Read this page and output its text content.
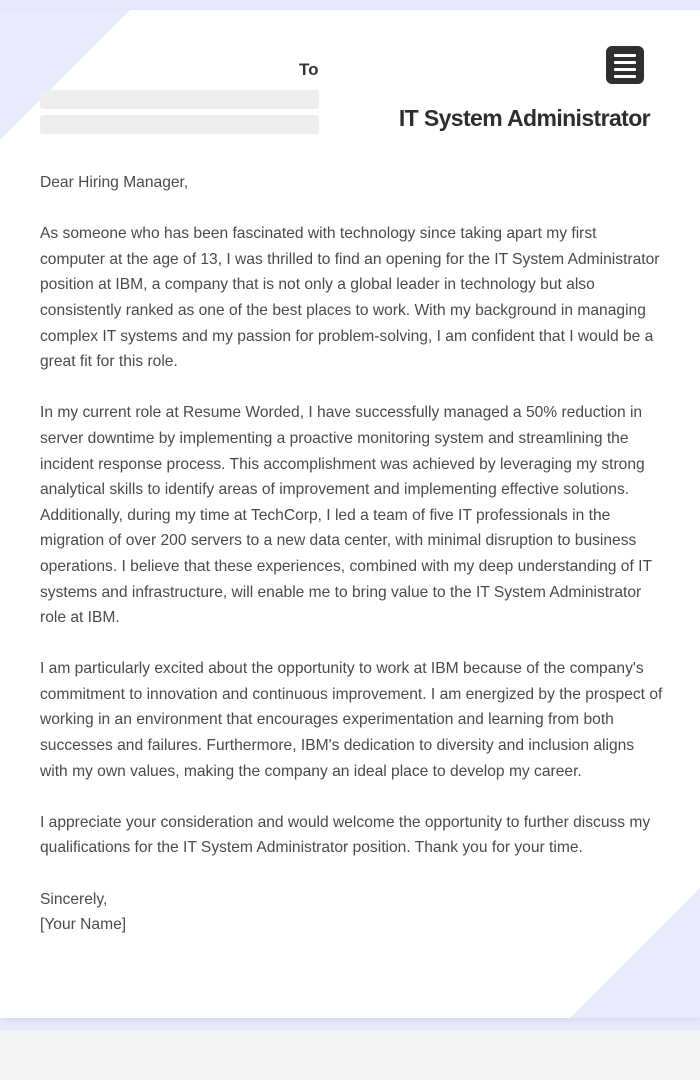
To
IT System Administrator

Dear Hiring Manager,

As someone who has been fascinated with technology since taking apart my first computer at the age of 13, I was thrilled to find an opening for the IT System Administrator position at IBM, a company that is not only a global leader in technology but also consistently ranked as one of the best places to work. With my background in managing complex IT systems and my passion for problem-solving, I am confident that I would be a great fit for this role.

In my current role at Resume Worded, I have successfully managed a 50% reduction in server downtime by implementing a proactive monitoring system and streamlining the incident response process. This accomplishment was achieved by leveraging my strong analytical skills to identify areas of improvement and implementing effective solutions. Additionally, during my time at TechCorp, I led a team of five IT professionals in the migration of over 200 servers to a new data center, with minimal disruption to business operations. I believe that these experiences, combined with my deep understanding of IT systems and infrastructure, will enable me to bring value to the IT System Administrator role at IBM.

I am particularly excited about the opportunity to work at IBM because of the company's commitment to innovation and continuous improvement. I am energized by the prospect of working in an environment that encourages experimentation and learning from both successes and failures. Furthermore, IBM's dedication to diversity and inclusion aligns with my own values, making the company an ideal place to develop my career.

I appreciate your consideration and would welcome the opportunity to further discuss my qualifications for the IT System Administrator position. Thank you for your time.

Sincerely,

[Your Name]
